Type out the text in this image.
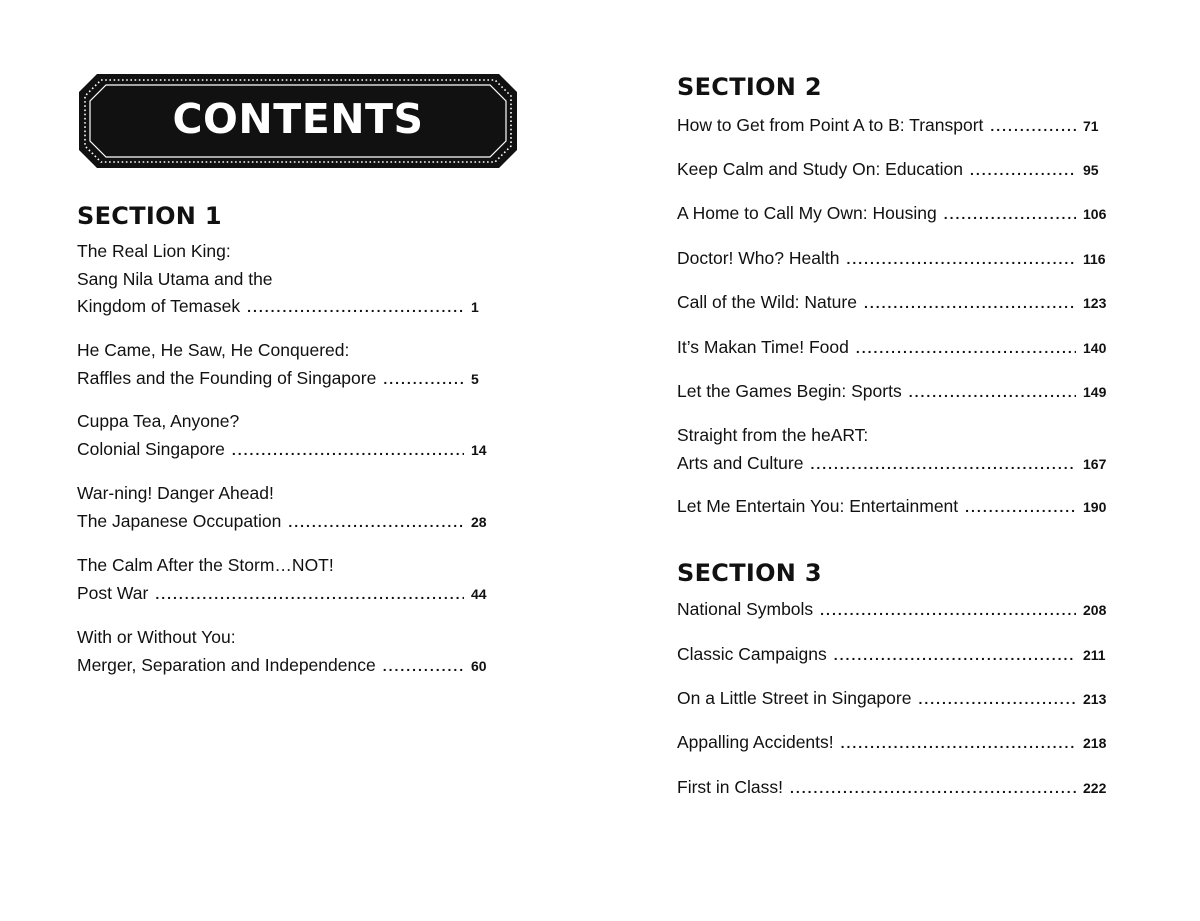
CONTENTS
SECTION 1
SECTION 2
SECTION 3
The Real Lion King:
Sang Nila Utama and the
Kingdom of Temasek .....	1
He Came, He Saw, He Conquered:
Raffles and the Founding of Singapore .....	5
Cuppa Tea, Anyone?
Colonial Singapore .....	14
War-ning! Danger Ahead!
The Japanese Occupation .....	28
The Calm After the Storm…NOT!
Post War .....	44
With or Without You:
Merger, Separation and Independence .....	60
How to Get from Point A to B: Transport .....	71
Keep Calm and Study On: Education .....	95
A Home to Call My Own: Housing .....	106
Doctor! Who? Health .....	116
Call of the Wild: Nature .....	123
It’s Makan Time! Food .....	140
Let the Games Begin: Sports .....	149
Straight from the heART:
Arts and Culture .....	167
Let Me Entertain You: Entertainment .....	190
National Symbols .....	208
Classic Campaigns .....	211
On a Little Street in Singapore .....	213
Appalling Accidents! .....	218
First in Class! .....	222
